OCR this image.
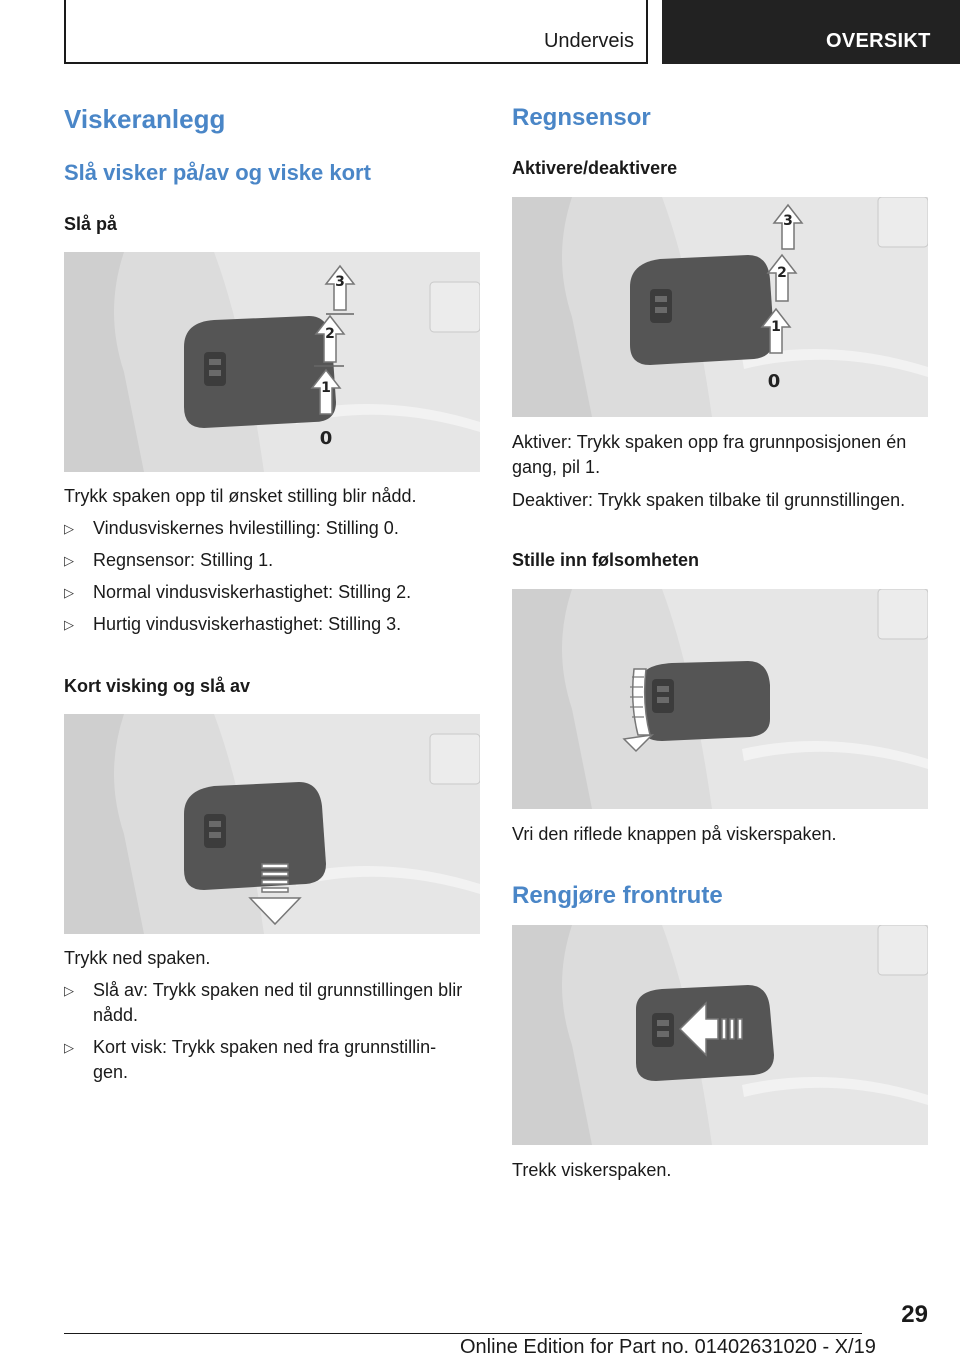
Underveis	OVERSIKT
Viskeranlegg
Slå visker på/av og viske kort
Slå på
3
2
1
0

Trykk spaken opp til ønsket stilling blir nådd.

▷ Vindusviskernes hvilestilling: Stilling 0.
▷ Regnsensor: Stilling 1.
▷ Normal vindusviskerhastighet: Stilling 2.
▷ Hurtig vindusviskerhastighet: Stilling 3.
Kort visking og slå av

Trykk ned spaken.

▷ Slå av: Trykk spaken ned til grunnstillingen blir nådd.
▷ Kort visk: Trykk spaken ned fra grunnstillin-gen.
Regnsensor
Aktivere/deaktivere
3
2
1
0

Aktiver: Trykk spaken opp fra grunnposisjonen én gang, pil 1.

Deaktiver: Trykk spaken tilbake til grunnstillingen.

Stille inn følsomheten

Vri den riflede knappen på viskerspaken.

Rengjøre frontrute

Trekk viskerspaken.

29
Online Edition for Part no. 01402631020 - X/19
